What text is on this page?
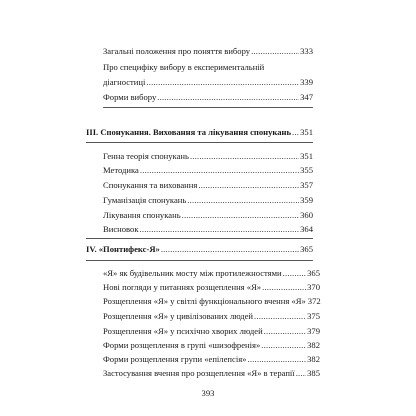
Загальні положення про поняття вибору .....	333
Про специфіку вибору в експериментальній
діагностиці .....	339
Форми вибору .....	347
III. Спонукання. Виховання та лікування спонукань ..... 351
Генна теорія спонукань .....	351
Методика .....	355
Спонукання та виховання .....	357
Гуманізація спонукань .....	359
Лікування спонукань .....	360
Висновок .....	364
IV. «Понтифекс-Я» .....	365
«Я» як будівельник мосту між протилежностями .....	365
Нові погляди у питаннях розщеплення «Я» .....	370
Розщеплення «Я» у світлі функціонального вчення «Я» 372
Розщеплення «Я» у цивілізованих людей .....	375
Розщеплення «Я» у психічно хворих людей .....	379
Форми розщеплення в групі «шизофренія» .....	382
Форми розщеплення групи «епілепсія» .....	382
Застосування вчення про розщеплення «Я» в терапії ..... 385
393
